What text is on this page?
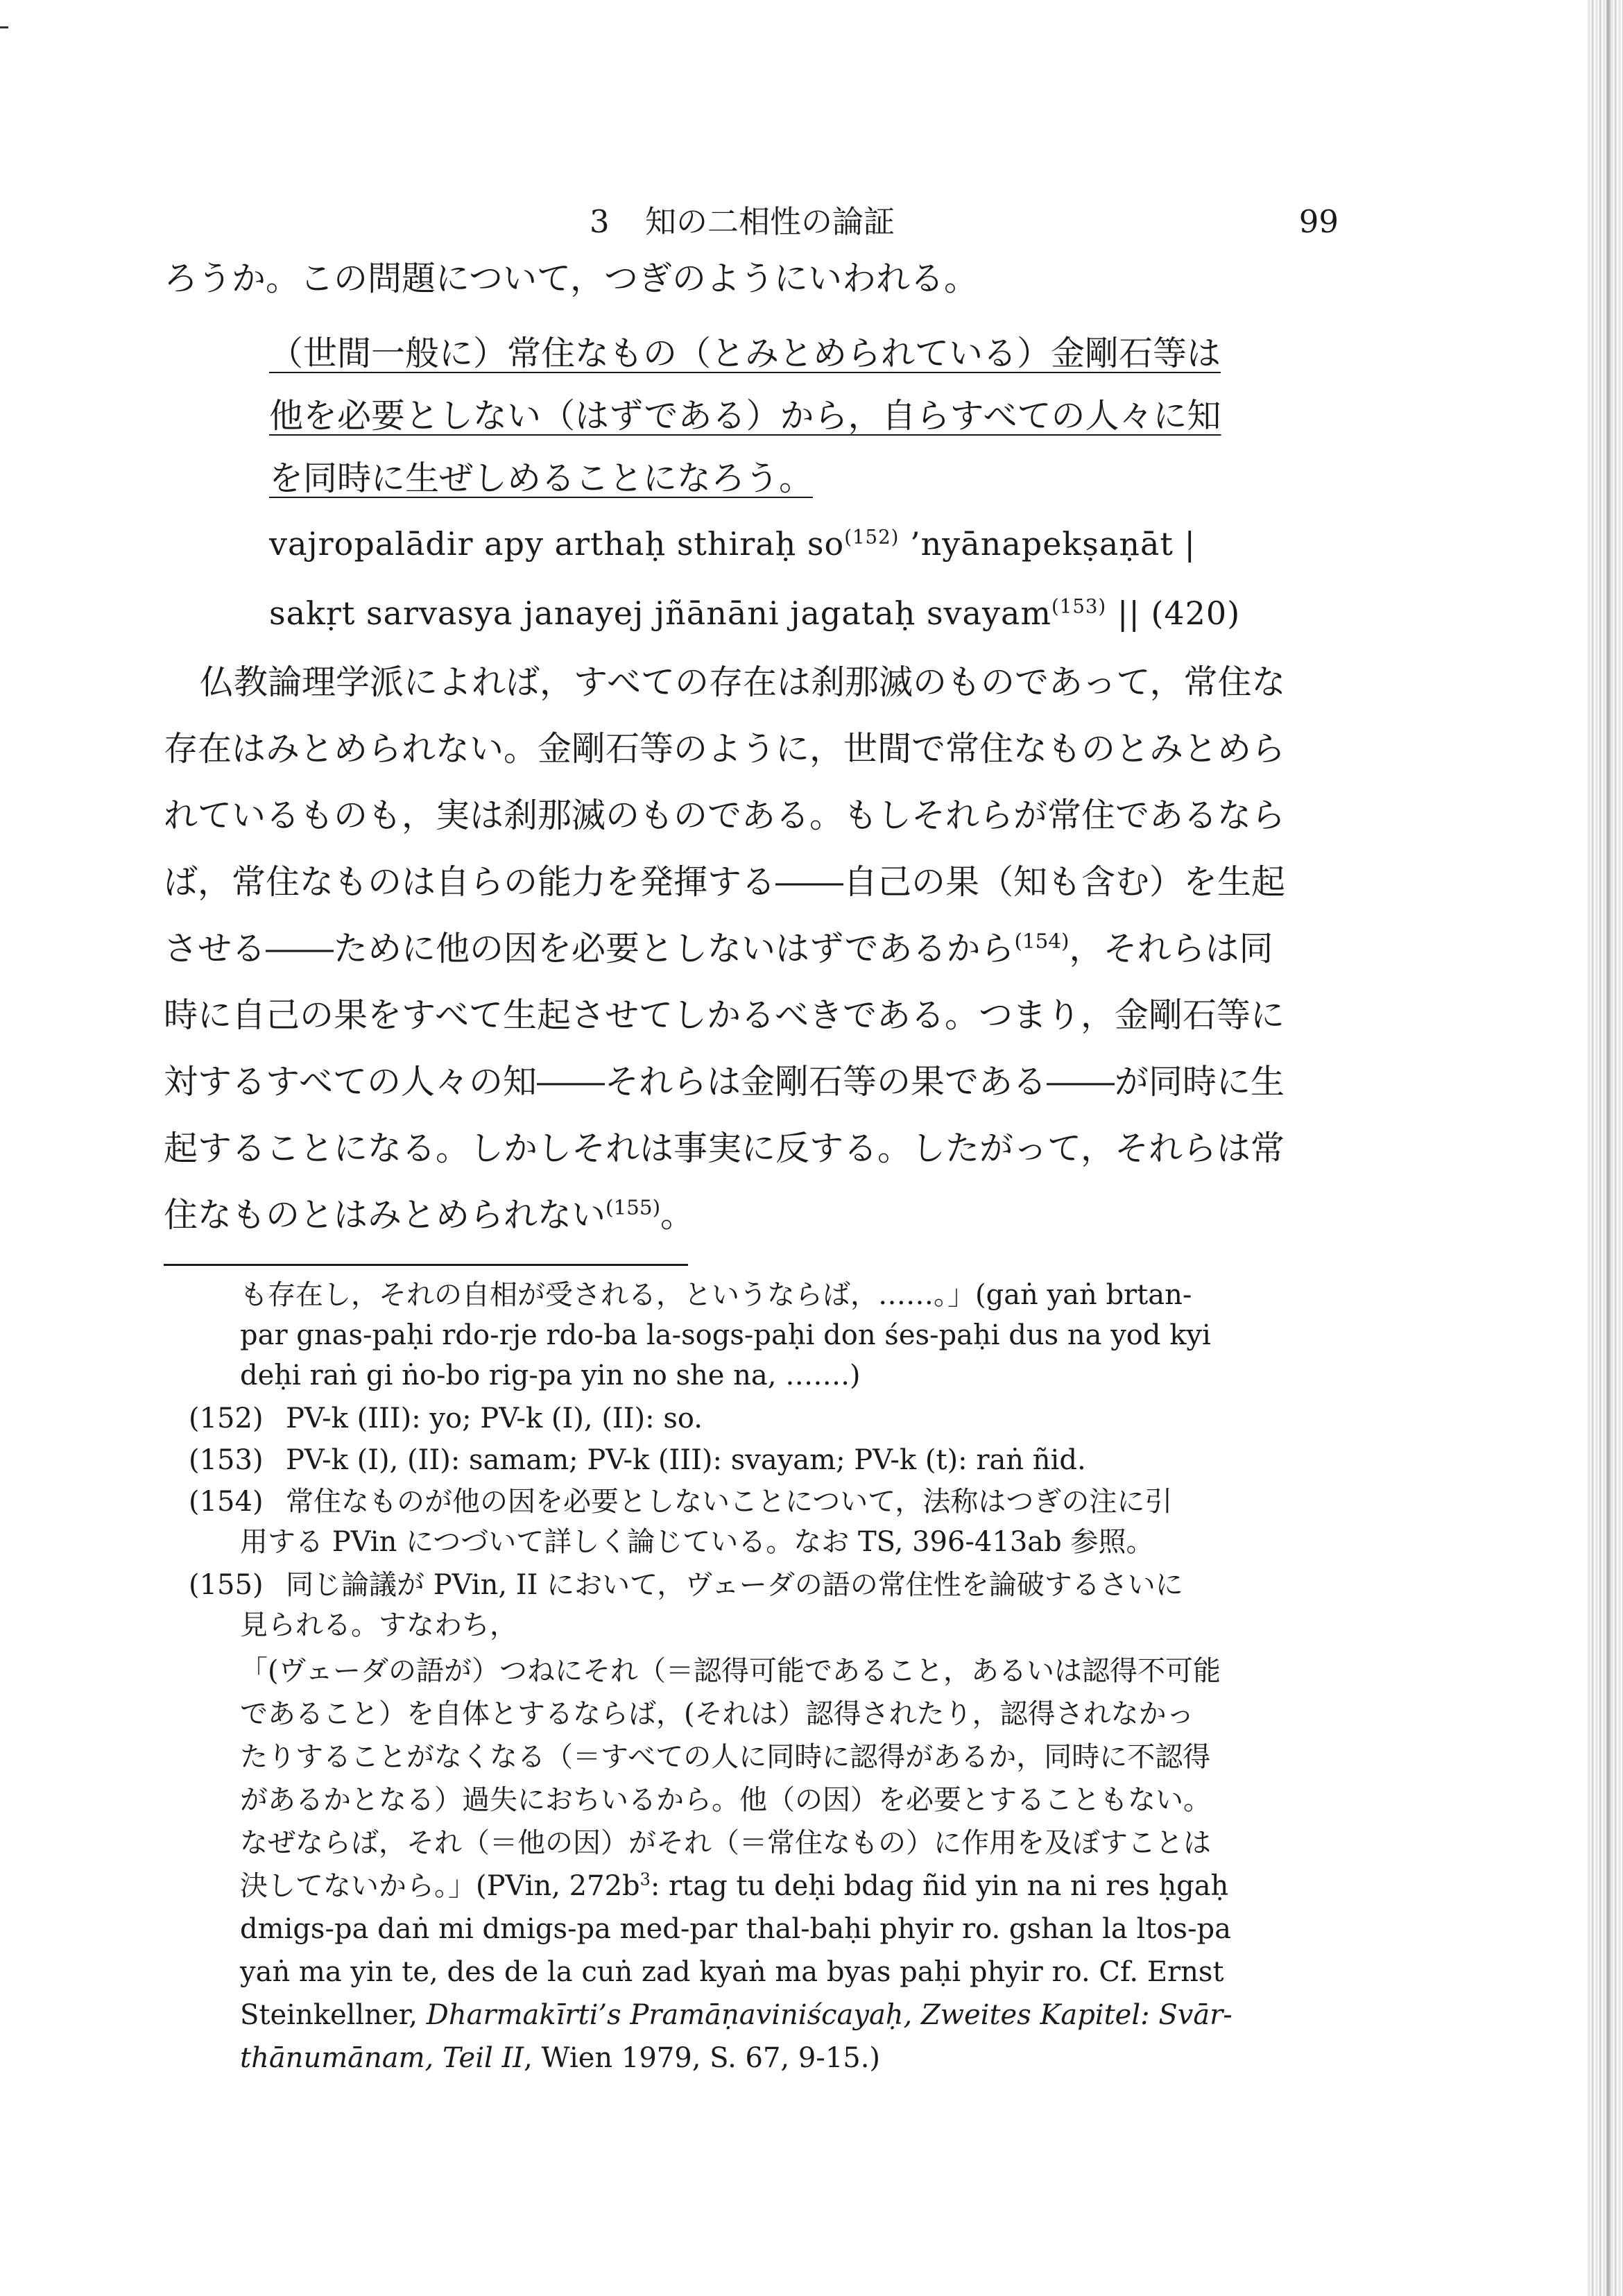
3 知の二相性の論証	99
ろうか。この問題について，つぎのようにいわれる。
（世間一般に）常住なもの（とみとめられている）金剛石等は
他を必要としない（はずである）から，自らすべての人々に知
を同時に生ぜしめることになろう。
vajropalādir apy arthaḥ sthiraḥ $so^{(152)}$ ’nyānapekṣaṇāt |
sakṛt sarvasya janayej jñānāni jagataḥ svayam$^{(153)}$ || (420)
仏教論理学派によれば，すべての存在は刹那滅のものであって，常住な
存在はみとめられない。金剛石等のように，世間で常住なものとみとめら
れているものも，実は刹那滅のものである。もしそれらが常住であるなら
ば，常住なものは自らの能力を発揮する――自己の果（知も含む）を生起
させる――ために他の因を必要としないはずであるから$^{(154)}$，それらは同
時に自己の果をすべて生起させてしかるべきである。つまり，金剛石等に
対するすべての人々の知――それらは金剛石等の果である――が同時に生
起することになる。しかしそれは事実に反する。したがって，それらは常
住なものとはみとめられない$^{(155)}$。
も存在し，それの自相が受される，というならば，……。」(gaṅ yaṅ brtan-
par gnas-paḥi rdo-rje rdo-ba la-sogs-paḥi don śes-paḥi dus na yod kyi
deḥi raṅ gi ṅo-bo rig-pa yin no she na, …….)
(152) PV-k (III): yo; PV-k (I), (II): so.
(153) PV-k (I), (II): samam; PV-k (III): svayam; PV-k (t): raṅ ñid.
(154) 常住なものが他の因を必要としないことについて，法称はつぎの注に引
用する PVin につづいて詳しく論じている。なお TS, 396-413ab 参照。
(155) 同じ論議が PVin, II において，ヴェーダの語の常住性を論破するさいに
見られる。すなわち，
「(ヴェーダの語が）つねにそれ（＝認得可能であること，あるいは認得不可能
であること）を自体とするならば，(それは）認得されたり，認得されなかっ
たりすることがなくなる（＝すべての人に同時に認得があるか，同時に不認得
があるかとなる）過失におちいるから。他（の因）を必要とすることもない。
なぜならば，それ（＝他の因）がそれ（＝常住なもの）に作用を及ぼすことは
決してないから。」(PVin, $272b^3$: rtag tu deḥi bdag ñid yin na ni res ḥgaḥ
dmigs-pa daṅ mi dmigs-pa med-par thal-baḥi phyir ro. gshan la ltos-pa
yaṅ ma yin te, des de la cuṅ zad kyaṅ ma byas paḥi phyir ro. Cf. Ernst
Steinkellner, Dharmakīrti’s Pramāṇaviniścayaḥ, Zweites Kapitel: Svār-
thānumānam, Teil II, Wien 1979, S. 67, 9-15.)
